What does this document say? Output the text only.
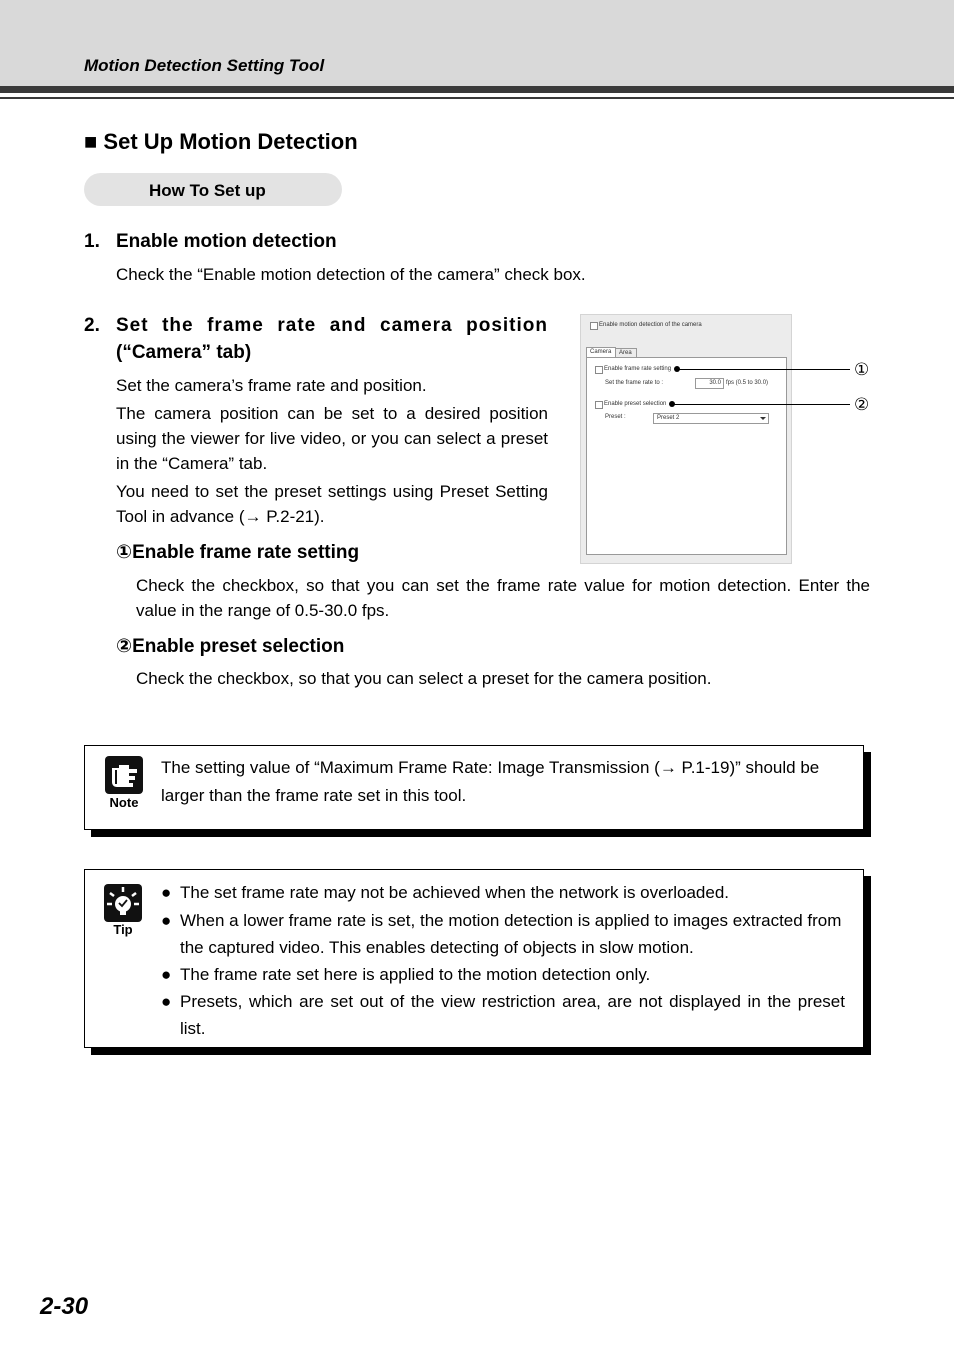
Motion Detection Setting Tool
■ Set Up Motion Detection
How To Set up
1. Enable motion detection
Check the “Enable motion detection of the camera” check box.
2. Set the frame rate and camera position
(“Camera” tab)
Set the camera’s frame rate and position.
The camera position can be set to a desired position using the viewer for live video, or you can select a preset in the “Camera” tab.
You need to set the preset settings using Preset Setting Tool in advance (→ P.2-21).
Enable motion detection of the camera
Camera Area
Enable frame rate setting
Set the frame rate to :	30.0 fps (0.5 to 30.0)
Enable preset selection
Preset :	Preset 2
①
②
①Enable frame rate setting
Check the checkbox, so that you can set the frame rate value for motion detection. Enter the value in the range of 0.5-30.0 fps.
②Enable preset selection
Check the checkbox, so that you can select a preset for the camera position.
Note
The setting value of “Maximum Frame Rate: Image Transmission (→ P.1-19)” should be larger than the frame rate set in this tool.
Tip
● The set frame rate may not be achieved when the network is overloaded.
● When a lower frame rate is set, the motion detection is applied to images extracted from the captured video. This enables detecting of objects in slow motion.
● The frame rate set here is applied to the motion detection only.
● Presets, which are set out of the view restriction area, are not displayed in the preset list.
2-30
